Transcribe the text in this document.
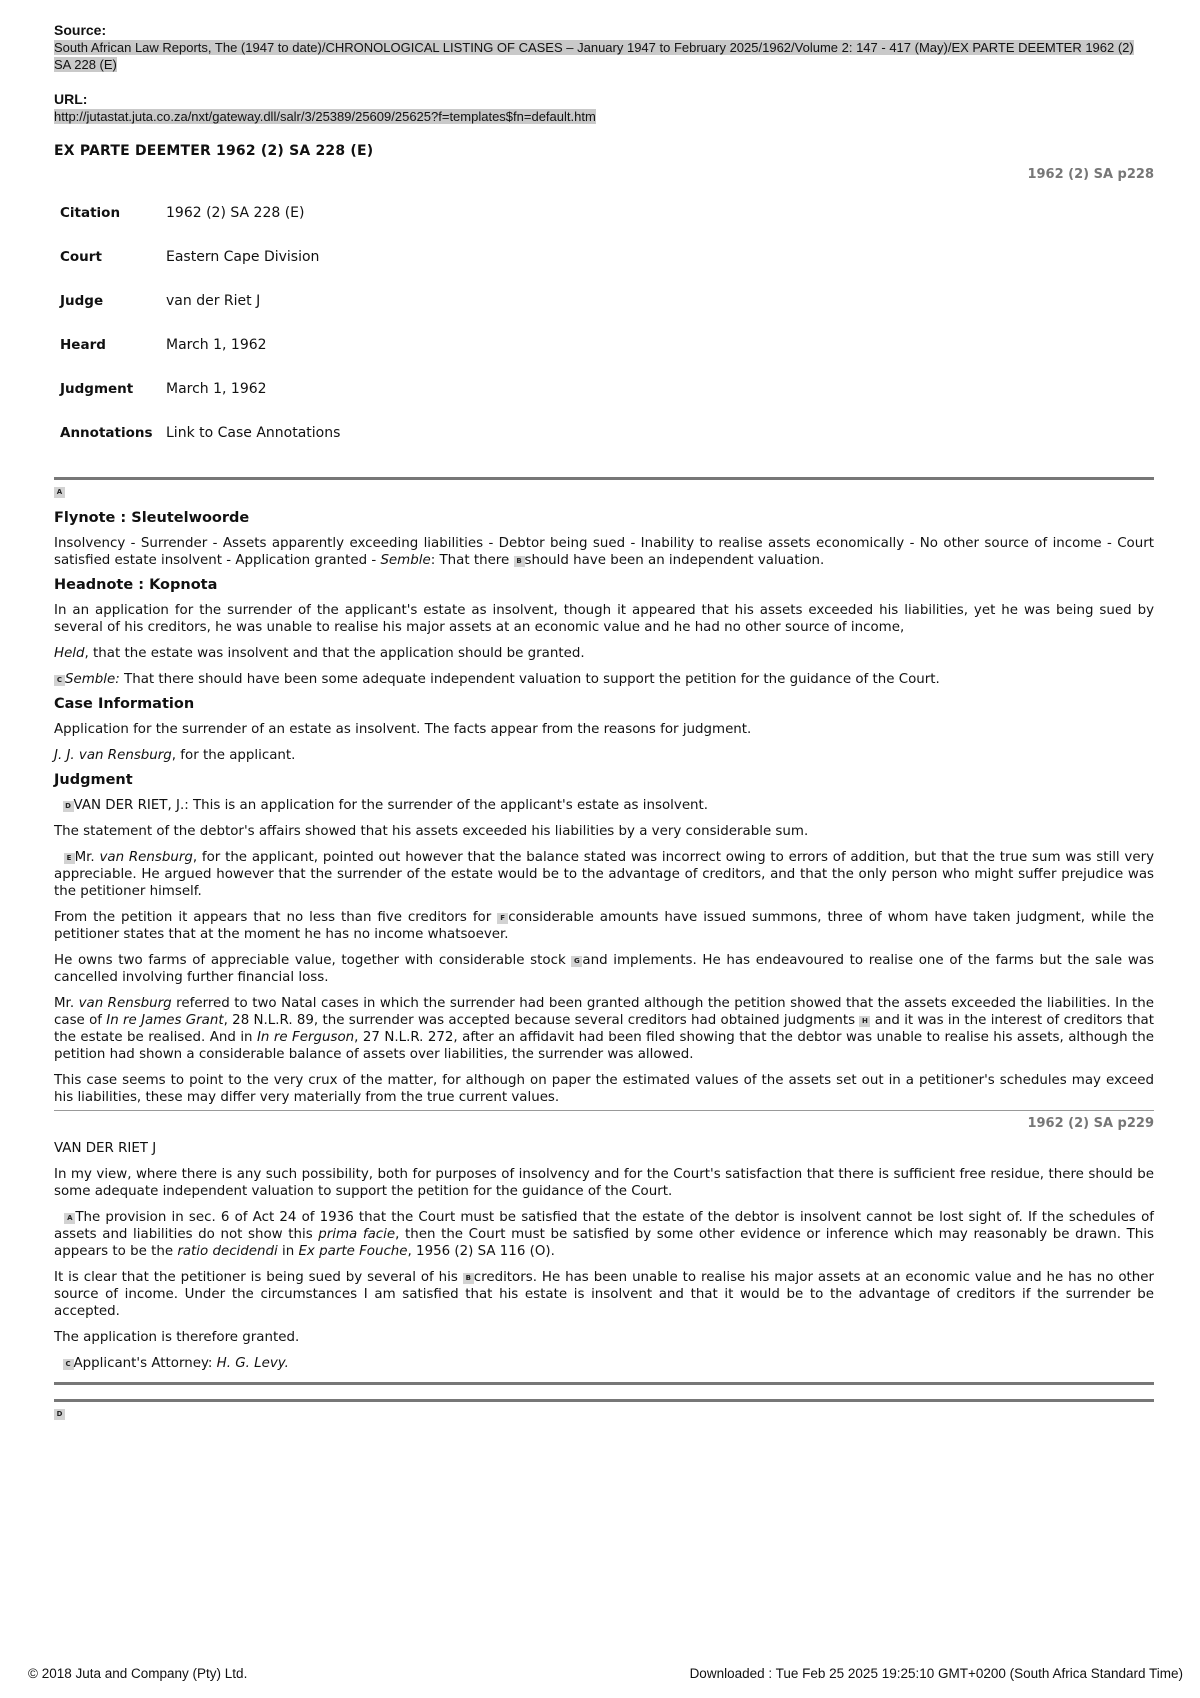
Source:
South African Law Reports, The (1947 to date)/CHRONOLOGICAL LISTING OF CASES – January 1947 to February 2025/1962/Volume 2: 147 - 417 (May)/EX PARTE DEEMTER 1962 (2) SA 228 (E)
URL:
http://jutastat.juta.co.za/nxt/gateway.dll/salr/3/25389/25609/25625?f=templates$fn=default.htm
EX PARTE DEEMTER 1962 (2) SA 228 (E)
1962 (2) SA p228
Citation	1962 (2) SA 228 (E)
Court	Eastern Cape Division
Judge	van der Riet J
Heard	March 1, 1962
Judgment	March 1, 1962
Annotations	Link to Case Annotations
A
Flynote : Sleutelwoorde

Insolvency - Surrender - Assets apparently exceeding liabilities - Debtor being sued - Inability to realise assets economically - No other source of income - Court satisfied estate insolvent - Application granted - Semble: That there B should have been an independent valuation.

Headnote : Kopnota

In an application for the surrender of the applicant's estate as insolvent, though it appeared that his assets exceeded his liabilities, yet he was being sued by several of his creditors, he was unable to realise his major assets at an economic value and he had no other source of income,

Held, that the estate was insolvent and that the application should be granted.

C Semble: That there should have been some adequate independent valuation to support the petition for the guidance of the Court.

Case Information

Application for the surrender of an estate as insolvent. The facts appear from the reasons for judgment.

J. J. van Rensburg, for the applicant.

Judgment

D VAN DER RIET, J.: This is an application for the surrender of the applicant's estate as insolvent.

The statement of the debtor's affairs showed that his assets exceeded his liabilities by a very considerable sum.

E Mr. van Rensburg, for the applicant, pointed out however that the balance stated was incorrect owing to errors of addition, but that the true sum was still very appreciable. He argued however that the surrender of the estate would be to the advantage of creditors, and that the only person who might suffer prejudice was the petitioner himself.

From the petition it appears that no less than five creditors for F considerable amounts have issued summons, three of whom have taken judgment, while the petitioner states that at the moment he has no income whatsoever.

He owns two farms of appreciable value, together with considerable stock G and implements. He has endeavoured to realise one of the farms but the sale was cancelled involving further financial loss.

Mr. van Rensburg referred to two Natal cases in which the surrender had been granted although the petition showed that the assets exceeded the liabilities. In the case of In re James Grant, 28 N.L.R. 89, the surrender was accepted because several creditors had obtained judgments H and it was in the interest of creditors that the estate be realised. And in In re Ferguson, 27 N.L.R. 272, after an affidavit had been filed showing that the debtor was unable to realise his assets, although the petition had shown a considerable balance of assets over liabilities, the surrender was allowed.

This case seems to point to the very crux of the matter, for although on paper the estimated values of the assets set out in a petitioner's schedules may exceed his liabilities, these may differ very materially from the true current values.

1962 (2) SA p229

VAN DER RIET J

In my view, where there is any such possibility, both for purposes of insolvency and for the Court's satisfaction that there is sufficient free residue, there should be some adequate independent valuation to support the petition for the guidance of the Court.

A The provision in sec. 6 of Act 24 of 1936 that the Court must be satisfied that the estate of the debtor is insolvent cannot be lost sight of. If the schedules of assets and liabilities do not show this prima facie, then the Court must be satisfied by some other evidence or inference which may reasonably be drawn. This appears to be the ratio decidendi in Ex parte Fouche, 1956 (2) SA 116 (O).

It is clear that the petitioner is being sued by several of his B creditors. He has been unable to realise his major assets at an economic value and he has no other source of income. Under the circumstances I am satisfied that his estate is insolvent and that it would be to the advantage of creditors if the surrender be accepted.

The application is therefore granted.

C Applicant's Attorney: H. G. Levy.

D
© 2018 Juta and Company (Pty) Ltd.	Downloaded : Tue Feb 25 2025 19:25:10 GMT+0200 (South Africa Standard Time)
